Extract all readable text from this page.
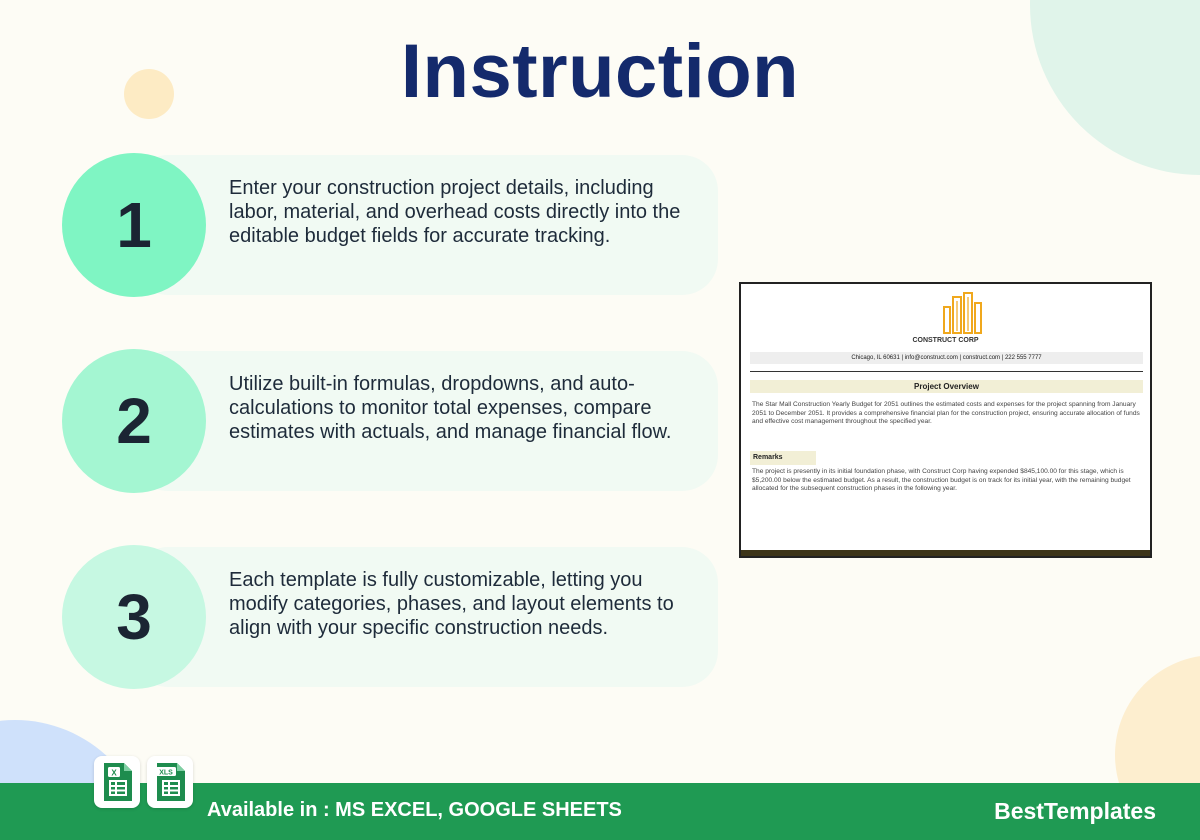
Instruction
1

Enter your construction project details, including labor, material, and overhead costs directly into the editable budget fields for accurate tracking.

2

Utilize built-in formulas, dropdowns, and auto-calculations to monitor total expenses, compare estimates with actuals, and manage financial flow.

3

Each template is fully customizable, letting you modify categories, phases, and layout elements to align with your specific construction needs.

CONSTRUCT CORP
Chicago, IL 60631 | info@construct.com | construct.com | 222 555 7777
Project Overview

The Star Mall Construction Yearly Budget for 2051 outlines the estimated costs and expenses for the project spanning from January 2051 to December 2051. It provides a comprehensive financial plan for the construction project, ensuring accurate allocation of funds and effective cost management throughout the specified year.

Remarks

The project is presently in its initial foundation phase, with Construct Corp having expended $845,100.00 for this stage, which is $5,200.00 below the estimated budget. As a result, the construction budget is on track for its initial year, with the remaining budget allocated for the subsequent construction phases in the following year.

Available in : MS EXCEL, GOOGLE SHEETS	BestTemplates
X	XLS
